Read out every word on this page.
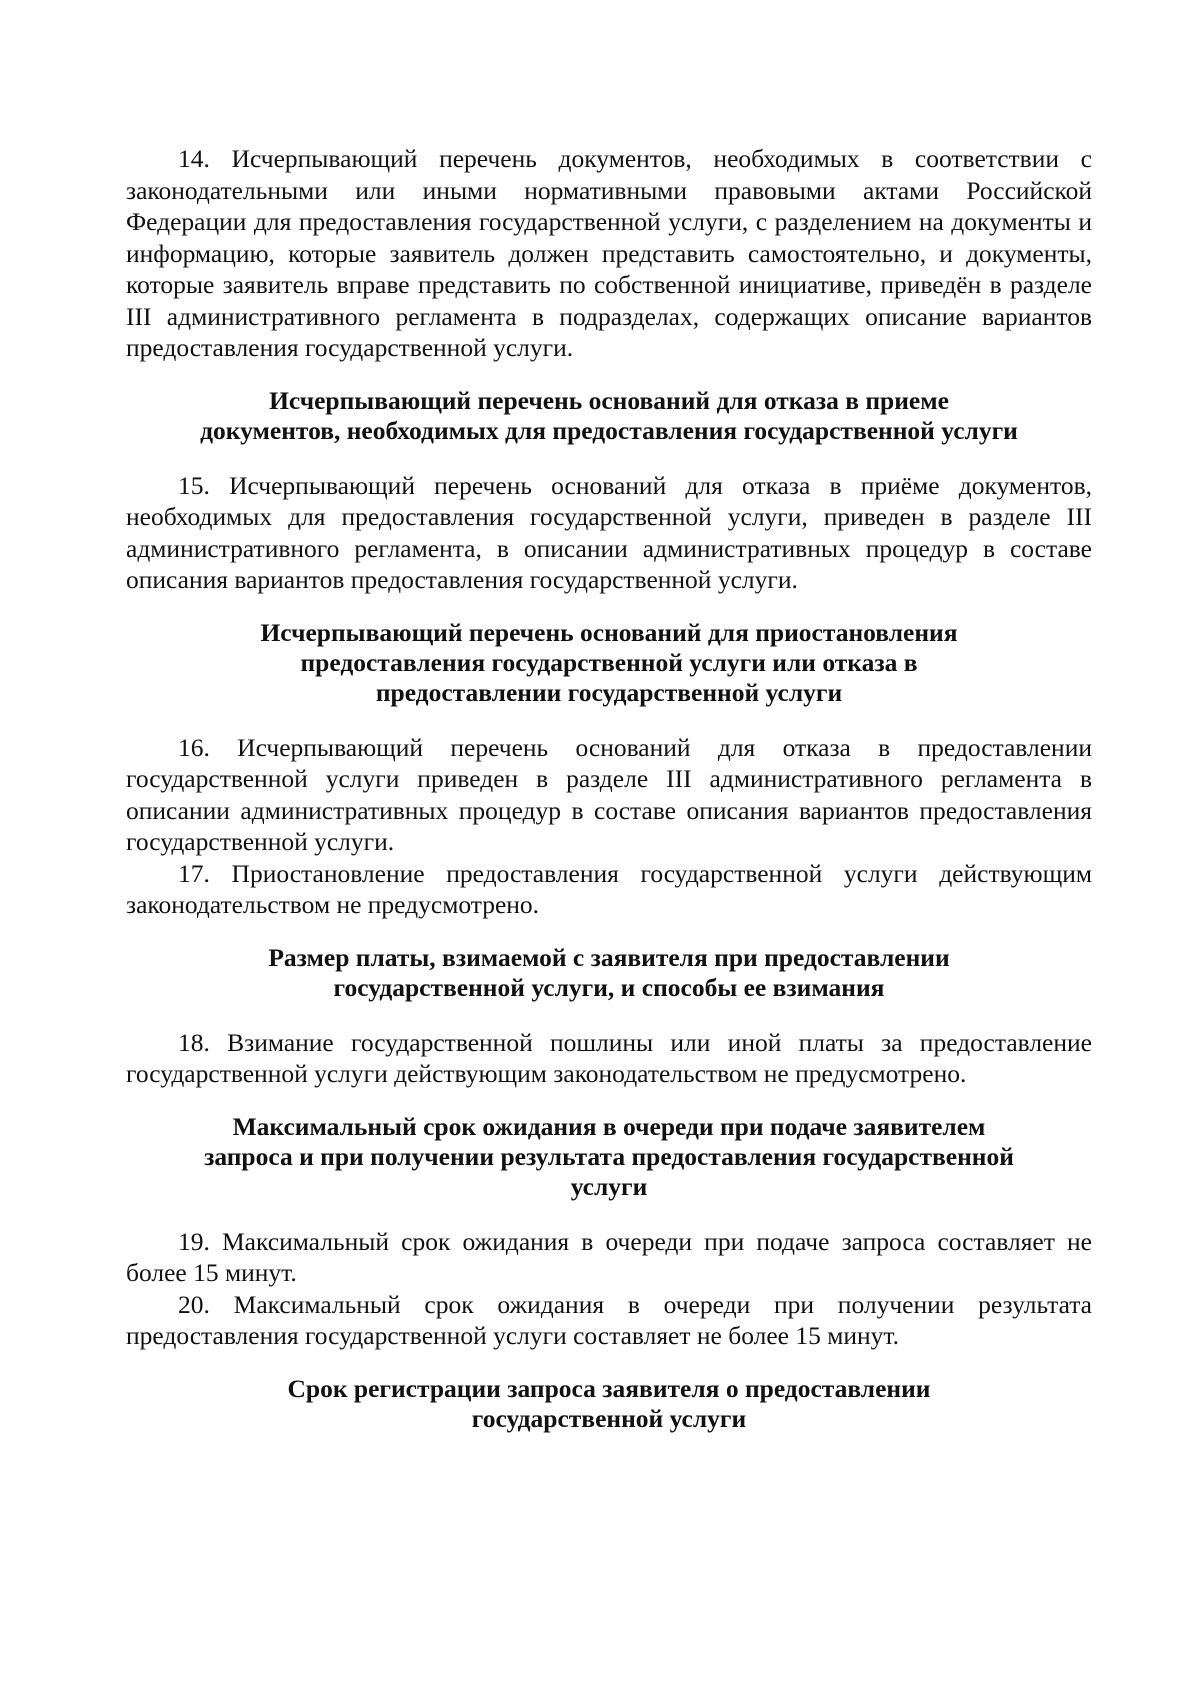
14. Исчерпывающий перечень документов, необходимых в соответствии с законодательными или иными нормативными правовыми актами Российской Федерации для предоставления государственной услуги, с разделением на документы и информацию, которые заявитель должен представить самостоятельно, и документы, которые заявитель вправе представить по собственной инициативе, приведён в разделе III административного регламента в подразделах, содержащих описание вариантов предоставления государственной услуги.

Исчерпывающий перечень оснований для отказа в приеме
документов, необходимых для предоставления государственной услуги

15. Исчерпывающий перечень оснований для отказа в приёме документов, необходимых для предоставления государственной услуги, приведен в разделе III административного регламента, в описании административных процедур в составе описания вариантов предоставления государственной услуги.

Исчерпывающий перечень оснований для приостановления
предоставления государственной услуги или отказа в
предоставлении государственной услуги

16. Исчерпывающий перечень оснований для отказа в предоставлении государственной услуги приведен в разделе III административного регламента в описании административных процедур в составе описания вариантов предоставления государственной услуги.

17. Приостановление предоставления государственной услуги действующим законодательством не предусмотрено.

Размер платы, взимаемой с заявителя при предоставлении
государственной услуги, и способы ее взимания

18. Взимание государственной пошлины или иной платы за предоставление государственной услуги действующим законодательством не предусмотрено.

Максимальный срок ожидания в очереди при подаче заявителем
запроса и при получении результата предоставления государственной
услуги

19. Максимальный срок ожидания в очереди при подаче запроса составляет не более 15 минут.

20. Максимальный срок ожидания в очереди при получении результата предоставления государственной услуги составляет не более 15 минут.

Срок регистрации запроса заявителя о предоставлении
государственной услуги
